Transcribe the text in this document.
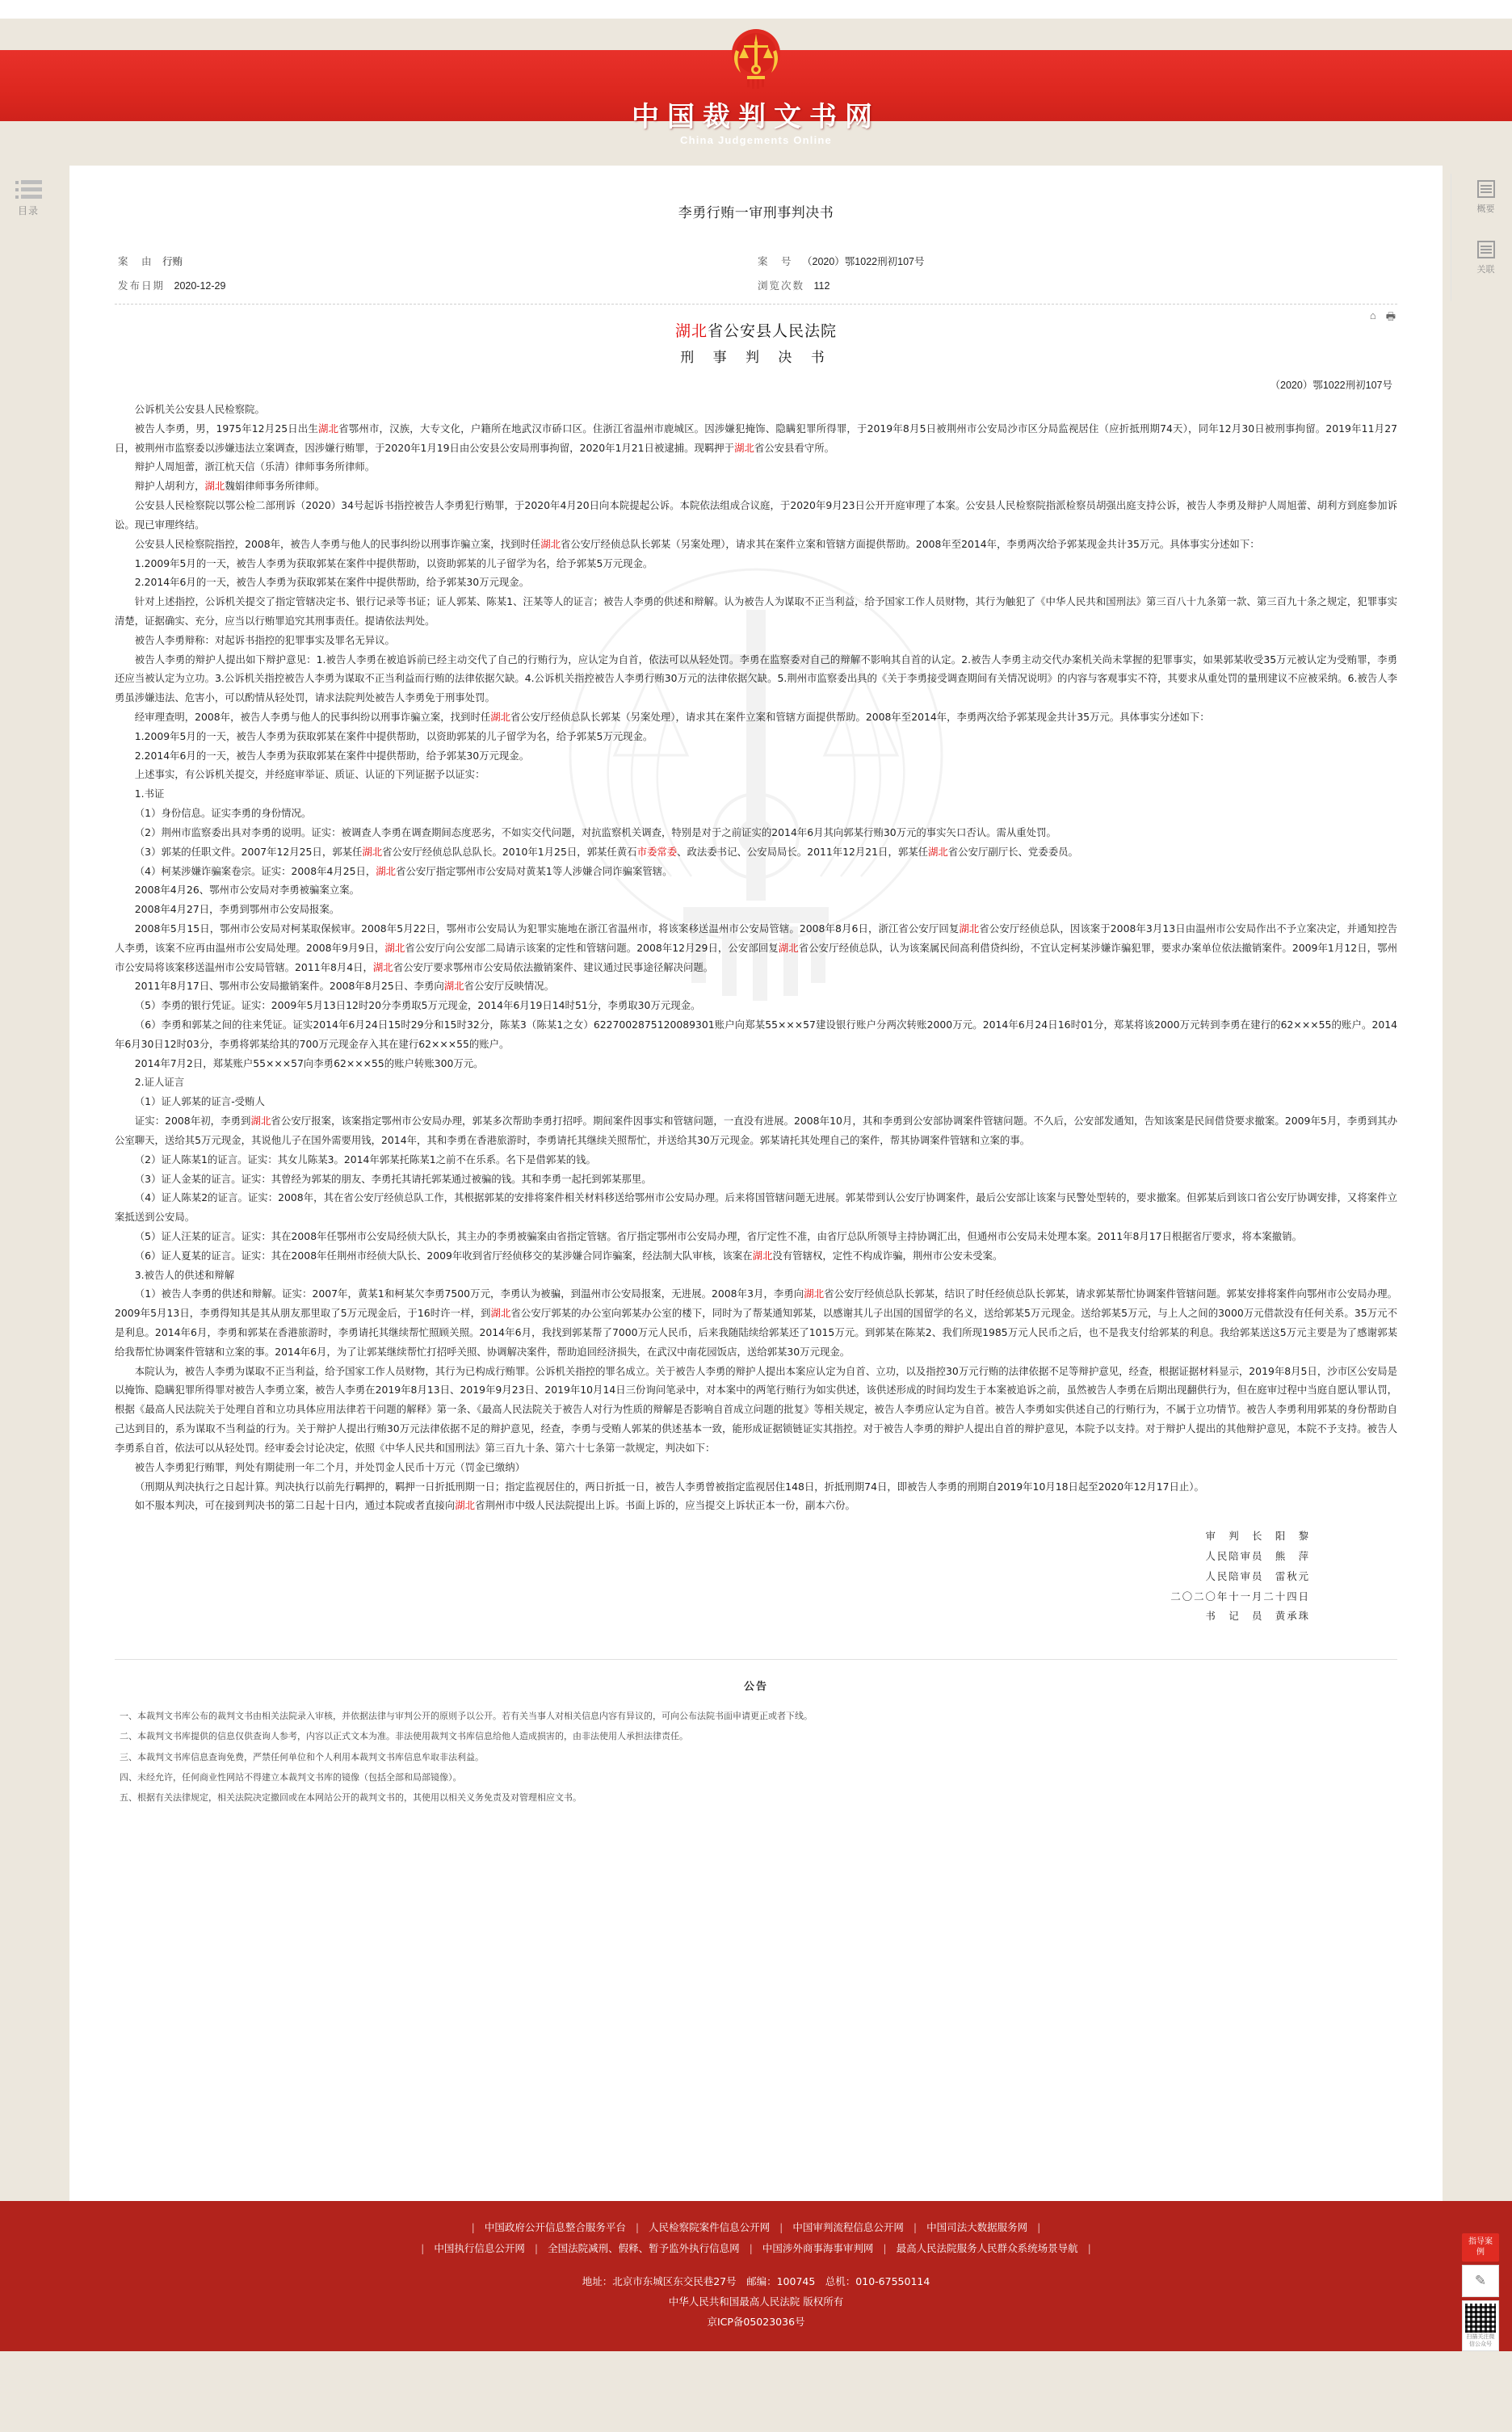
中国裁判文书网
China Judgements Online
目录	概要
关联
李勇行贿一审刑事判决书
案　由 行贿
发布日期 2020-12-29
案　号 （2020）鄂1022刑初107号
浏览次数 112
⌂ 🖶
湖北省公安县人民法院
刑 事 判 决 书
（2020）鄂1022刑初107号

公诉机关公安县人民检察院。

被告人李勇，男，1975年12月25日出生湖北省鄂州市，汉族，大专文化，户籍所在地武汉市硚口区。住浙江省温州市鹿城区。因涉嫌犯掩饰、隐瞒犯罪所得罪，于2019年8月5日被荆州市公安局沙市区分局监视居住（应折抵刑期74天），同年12月30日被刑事拘留。2019年11月27日，被荆州市监察委以涉嫌违法立案调查，因涉嫌行贿罪，于2020年1月19日由公安县公安局刑事拘留，2020年1月21日被逮捕。现羁押于湖北省公安县看守所。

辩护人周旭蕾，浙江杭天信（乐清）律师事务所律师。

辩护人胡利方，湖北魏娟律师事务所律师。

公安县人民检察院以鄂公检二部刑诉（2020）34号起诉书指控被告人李勇犯行贿罪，于2020年4月20日向本院提起公诉。本院依法组成合议庭，于2020年9月23日公开开庭审理了本案。公安县人民检察院指派检察员胡强出庭支持公诉，被告人李勇及辩护人周旭蕾、胡利方到庭参加诉讼。现已审理终结。

公安县人民检察院指控，2008年，被告人李勇与他人的民事纠纷以刑事诈骗立案，找到时任湖北省公安厅经侦总队长郭某（另案处理），请求其在案件立案和管辖方面提供帮助。2008年至2014年，李勇两次给予郭某现金共计35万元。具体事实分述如下：

1.2009年5月的一天，被告人李勇为获取郭某在案件中提供帮助，以资助郭某的儿子留学为名，给予郭某5万元现金。

2.2014年6月的一天，被告人李勇为获取郭某在案件中提供帮助，给予郭某30万元现金。

针对上述指控，公诉机关提交了指定管辖决定书、银行记录等书证；证人郭某、陈某1、汪某等人的证言；被告人李勇的供述和辩解。认为被告人为谋取不正当利益，给予国家工作人员财物，其行为触犯了《中华人民共和国刑法》第三百八十九条第一款、第三百九十条之规定，犯罪事实清楚，证据确实、充分，应当以行贿罪追究其刑事责任。提请依法判处。

被告人李勇辩称：对起诉书指控的犯罪事实及罪名无异议。

被告人李勇的辩护人提出如下辩护意见：1.被告人李勇在被追诉前已经主动交代了自己的行贿行为，应认定为自首，依法可以从轻处罚。李勇在监察委对自己的辩解不影响其自首的认定。2.被告人李勇主动交代办案机关尚未掌握的犯罪事实，如果郭某收受35万元被认定为受贿罪，李勇还应当被认定为立功。3.公诉机关指控被告人李勇为谋取不正当利益而行贿的法律依据欠缺。4.公诉机关指控被告人李勇行贿30万元的法律依据欠缺。5.荆州市监察委出具的《关于李勇接受调查期间有关情况说明》的内容与客观事实不符，其要求从重处罚的量刑建议不应被采纳。6.被告人李勇虽涉嫌违法、危害小，可以酌情从轻处罚，请求法院判处被告人李勇免于刑事处罚。

经审理查明，2008年，被告人李勇与他人的民事纠纷以刑事诈骗立案，找到时任湖北省公安厅经侦总队长郭某（另案处理），请求其在案件立案和管辖方面提供帮助。2008年至2014年，李勇两次给予郭某现金共计35万元。具体事实分述如下：

1.2009年5月的一天，被告人李勇为获取郭某在案件中提供帮助，以资助郭某的儿子留学为名，给予郭某5万元现金。

2.2014年6月的一天，被告人李勇为获取郭某在案件中提供帮助，给予郭某30万元现金。

上述事实，有公诉机关提交，并经庭审举证、质证、认证的下列证据予以证实：

1.书证

（1）身份信息。证实李勇的身份情况。

（2）荆州市监察委出具对李勇的说明。证实：被调查人李勇在调查期间态度恶劣，不如实交代问题，对抗监察机关调查，特别是对于之前证实的2014年6月其向郭某行贿30万元的事实矢口否认。需从重处罚。

（3）郭某的任职文件。2007年12月25日，郭某任湖北省公安厅经侦总队总队长。2010年1月25日，郭某任黄石市委常委、政法委书记、公安局局长。2011年12月21日，郭某任湖北省公安厅副厅长、党委委员。

（4）柯某涉嫌诈骗案卷宗。证实：2008年4月25日，湖北省公安厅指定鄂州市公安局对黄某1等人涉嫌合同诈骗案管辖。

2008年4月26、鄂州市公安局对李勇被骗案立案。

2008年4月27日，李勇到鄂州市公安局报案。

2008年5月15日，鄂州市公安局对柯某取保候审。2008年5月22日，鄂州市公安局认为犯罪实施地在浙江省温州市，将该案移送温州市公安局管辖。2008年8月6日，浙江省公安厅回复湖北省公安厅经侦总队，因该案于2008年3月13日由温州市公安局作出不予立案决定，并通知控告人李勇，该案不应再由温州市公安局处理。2008年9月9日，湖北省公安厅向公安部二局请示该案的定性和管辖问题。2008年12月29日，公安部回复湖北省公安厅经侦总队，认为该案属民间高利借贷纠纷，不宜认定柯某涉嫌诈骗犯罪，要求办案单位依法撤销案件。2009年1月12日，鄂州市公安局将该案移送温州市公安局管辖。2011年8月4日，湖北省公安厅要求鄂州市公安局依法撤销案件、建议通过民事途径解决问题。

2011年8月17日、鄂州市公安局撤销案件。2008年8月25日、李勇向湖北省公安厅反映情况。

（5）李勇的银行凭证。证实：2009年5月13日12时20分李勇取5万元现金，2014年6月19日14时51分，李勇取30万元现金。

（6）李勇和郭某之间的往来凭证。证实2014年6月24日15时29分和15时32分，陈某3（陈某1之女）6227002875120089301账户向郑某55×××57建设银行账户分两次转账2000万元。2014年6月24日16时01分，郑某将该2000万元转到李勇在建行的62×××55的账户。2014年6月30日12时03分，李勇将郭某给其的700万元现金存入其在建行62×××55的账户。

2014年7月2日，郑某账户55×××57向李勇62×××55的账户转账300万元。

2.证人证言

（1）证人郭某的证言-受贿人

证实：2008年初，李勇到湖北省公安厅报案，该案指定鄂州市公安局办理，郭某多次帮助李勇打招呼。期间案件因事实和管辖问题，一直没有进展。2008年10月，其和李勇到公安部协调案件管辖问题。不久后，公安部发通知，告知该案是民间借贷要求撤案。2009年5月，李勇到其办公室聊天，送给其5万元现金，其说他儿子在国外需要用钱，2014年，其和李勇在香港旅游时，李勇请托其继续关照帮忙，并送给其30万元现金。郭某请托其处理自己的案件，帮其协调案件管辖和立案的事。

（2）证人陈某1的证言。证实：其女儿陈某3。2014年郭某托陈某1之前不在乐系。名下是借郭某的钱。

（3）证人金某的证言。证实：其曾经为郭某的朋友、李勇托其请托郭某通过被骗的钱。其和李勇一起托到郭某那里。

（4）证人陈某2的证言。证实：2008年，其在省公安厅经侦总队工作，其根据郭某的安排将案件相关材料移送给鄂州市公安局办理。后来将国管辖问题无进展。郭某带到认公安厅协调案件，最后公安部让该案与民警处型转的，要求撤案。但郭某后到该口省公安厅协调安排，又将案件立案抵送到公安局。

（5）证人汪某的证言。证实：其在2008年任鄂州市公安局经侦大队长，其主办的李勇被骗案由省指定管辖。省厅指定鄂州市公安局办理，省厅定性不准，由省厅总队所领导主持协调汇出，但通州市公安局未处理本案。2011年8月17日根据省厅要求，将本案撤销。

（6）证人夏某的证言。证实：其在2008年任荆州市经侦大队长、2009年收到省厅经侦移交的某涉嫌合同诈骗案，经法制大队审核，该案在湖北没有管辖权，定性不构成诈骗，荆州市公安未受案。

3.被告人的供述和辩解

（1）被告人李勇的供述和辩解。证实：2007年，黄某1和柯某欠李勇7500万元，李勇认为被骗，到温州市公安局报案，无进展。2008年3月，李勇向湖北省公安厅经侦总队长郭某，结识了时任经侦总队长郭某，请求郭某帮忙协调案件管辖问题。郭某安排将案件向鄂州市公安局办理。2009年5月13日，李勇得知其是其从朋友那里取了5万元现金后，于16时许一样，到湖北省公安厅郭某的办公室向郭某办公室的楼下，同时为了帮某通知郭某，以感谢其儿子出国的国留学的名义，送给郭某5万元现金。送给郭某5万元，与上人之间的3000万元借款没有任何关系。35万元不是利息。2014年6月，李勇和郭某在香港旅游时，李勇请托其继续帮忙照顾关照。2014年6月，我找到郭某帮了7000万元人民币，后来我随陆续给郭某还了1015万元。到郭某在陈某2、我们所现1985万元人民币之后，也不是我支付给郭某的利息。我给郭某送这5万元主要是为了感谢郭某给我帮忙协调案件管辖和立案的事。2014年6月，为了让郭某继续帮忙打招呼关照、协调解决案件，帮助追回经济损失，在武汉中南花园饭店，送给郭某30万元现金。

本院认为，被告人李勇为谋取不正当利益，给予国家工作人员财物，其行为已构成行贿罪。公诉机关指控的罪名成立。关于被告人李勇的辩护人提出本案应认定为自首、立功，以及指控30万元行贿的法律依据不足等辩护意见，经查，根据证据材料显示，2019年8月5日，沙市区公安局是以掩饰、隐瞒犯罪所得罪对被告人李勇立案，被告人李勇在2019年8月13日、2019年9月23日、2019年10月14日三份询问笔录中，对本案中的两笔行贿行为如实供述，该供述形成的时间均发生于本案被追诉之前，虽然被告人李勇在后期出现翻供行为，但在庭审过程中当庭自愿认罪认罚，根据《最高人民法院关于处理自首和立功具体应用法律若干问题的解释》第一条、《最高人民法院关于被告人对行为性质的辩解是否影响自首成立问题的批复》等相关规定，被告人李勇应认定为自首。被告人李勇如实供述自己的行贿行为，不属于立功情节。被告人李勇利用郭某的身份帮助自己达到目的，系为谋取不当利益的行为。关于辩护人提出行贿30万元法律依据不足的辩护意见，经查，李勇与受贿人郭某的供述基本一致，能形成证据锁链证实其指控。对于被告人李勇的辩护人提出自首的辩护意见，本院予以支持。对于辩护人提出的其他辩护意见，本院不予支持。被告人李勇系自首，依法可以从轻处罚。经审委会讨论决定，依照《中华人民共和国刑法》第三百九十条、第六十七条第一款规定，判决如下：

被告人李勇犯行贿罪，判处有期徒刑一年二个月，并处罚金人民币十万元（罚金已缴纳）

（刑期从判决执行之日起计算。判决执行以前先行羁押的，羁押一日折抵刑期一日；指定监视居住的，两日折抵一日，被告人李勇曾被指定监视居住148日，折抵刑期74日，即被告人李勇的刑期自2019年10月18日起至2020年12月17日止）。

如不服本判决，可在接到判决书的第二日起十日内，通过本院或者直接向湖北省荆州市中级人民法院提出上诉。书面上诉的，应当提交上诉状正本一份，副本六份。

审　判　长　阳　黎
人民陪审员　熊　萍
人民陪审员　雷秋元
二〇二〇年十一月二十四日
书　记　员　黄承珠
公告
一、本裁判文书库公布的裁判文书由相关法院录入审核，并依据法律与审判公开的原则予以公开。若有关当事人对相关信息内容有异议的，可向公布法院书面申请更正或者下线。
二、本裁判文书库提供的信息仅供查询人参考，内容以正式文本为准。非法使用裁判文书库信息给他人造成损害的，由非法使用人承担法律责任。
三、本裁判文书库信息查询免费，严禁任何单位和个人利用本裁判文书库信息牟取非法利益。
四、未经允许，任何商业性网站不得建立本裁判文书库的镜像（包括全部和局部镜像）。
五、根据有关法律规定，相关法院决定撤回或在本网站公开的裁判文书的，其使用以相关义务免责及对管理相应文书。
| 中国政府公开信息整合服务平台 | 人民检察院案件信息公开网 | 中国审判流程信息公开网 | 中国司法大数据服务网 |
| 中国执行信息公开网 | 全国法院减刑、假释、暂予监外执行信息网 | 中国涉外商事海事审判网 | 最高人民法院服务人民群众系统场景导航 |
地址：北京市东城区东交民巷27号　邮编：100745　总机：010-67550114
中华人民共和国最高人民法院 版权所有
京ICP备05023036号
指导案例
✎
扫描关注微信公众号
